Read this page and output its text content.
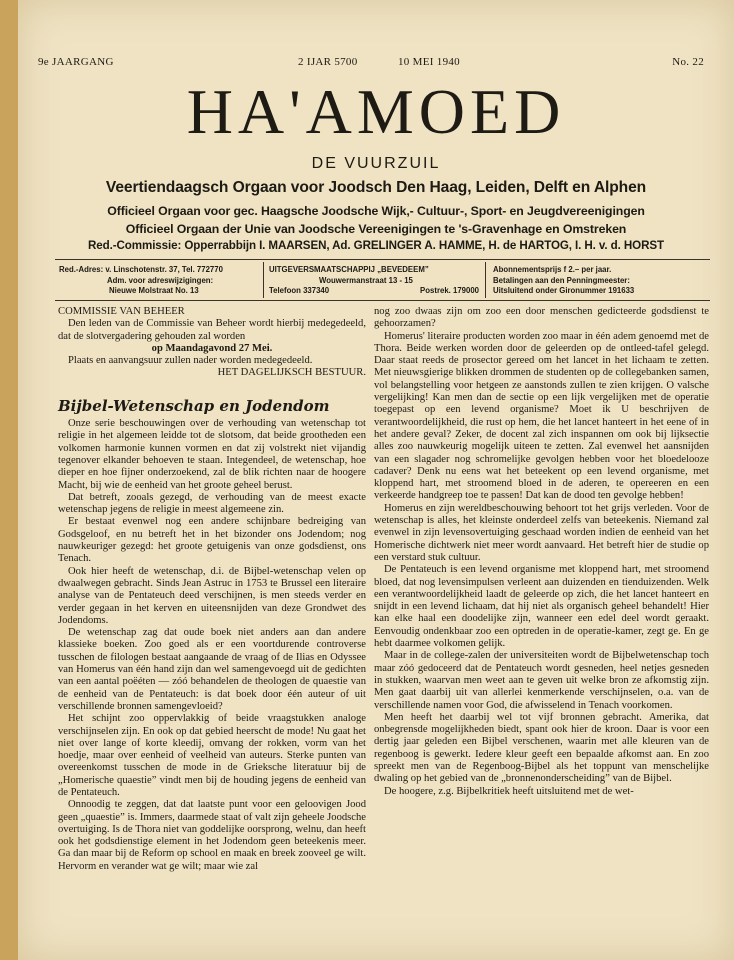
9e JAARGANG	2 IJAR 5700	10 MEI 1940	No. 22
HA'AMOED
DE VUURZUIL
Veertiendaagsch Orgaan voor Joodsch Den Haag, Leiden, Delft en Alphen
Officieel Orgaan voor gec. Haagsche Joodsche Wijk,- Cultuur-, Sport- en Jeugdvereenigingen
Officieel Orgaan der Unie van Joodsche Vereenigingen te 's-Gravenhage en Omstreken
Red.-Commissie: Opperrabbijn I. MAARSEN, Ad. GRELINGER A. HAMME, H. de HARTOG, I. H. v. d. HORST
Red.-Adres: v. Linschotenstr. 37, Tel. 772770
Adm. voor adreswijzigingen:
Nieuwe Molstraat No. 13
UITGEVERSMAATSCHAPPIJ „BEVEDEEM”
Wouwermanstraat 13 - 15
Telefoon 337340	Postrek. 179000
Abonnementsprijs f 2.– per jaar.
Betalingen aan den Penningmeester:
Uitsluitend onder Gironummer 191633

COMMISSIE VAN BEHEER

Den leden van de Commissie van Beheer wordt hierbij medegedeeld, dat de slotvergadering gehouden zal worden

op Maandagavond 27 Mei.

Plaats en aanvangsuur zullen nader worden medegedeeld.

HET DAGELIJKSCH BESTUUR.

Bijbel-Wetenschap en Jodendom

Onze serie beschouwingen over de verhouding van wetenschap tot religie in het algemeen leidde tot de slotsom, dat beide grootheden een volkomen harmonie kunnen vormen en dat zij volstrekt niet vijandig tegenover elkander behoeven te staan. Integendeel, de wetenschap, hoe dieper en hoe fijner onderzoekend, zal de blik richten naar de hoogere Macht, bij wie de eenheid van het groote geheel berust.

Dat betreft, zooals gezegd, de verhouding van de meest exacte wetenschap jegens de religie in meest algemeene zin.

Er bestaat evenwel nog een andere schijnbare bedreiging van Godsgeloof, en nu betreft het in het bizonder ons Jodendom; nog nauwkeuriger gezegd: het groote getuigenis van onze godsdienst, ons Tenach.

Ook hier heeft de wetenschap, d.i. de Bijbel-wetenschap velen op dwaalwegen gebracht. Sinds Jean Astruc in 1753 te Brussel een literaire analyse van de Pentateuch deed verschijnen, is men steeds verder en verder gegaan in het kerven en uiteensnijden van deze Grondwet des Jodendoms.

De wetenschap zag dat oude boek niet anders aan dan andere klassieke boeken. Zoo goed als er een voortdurende controverse tusschen de filologen bestaat aangaande de vraag of de Ilias en Odyssee van Homerus van één hand zijn dan wel samengevoegd uit de gedichten van een aantal poëéten — zóó behandelen de theologen de quaestie van de eenheid van de Pentateuch: is dat boek door één auteur of uit verschillende bronnen samengevloeid?

Het schijnt zoo oppervlakkig of beide vraagstukken analoge verschijnselen zijn. En ook op dat gebied heerscht de mode! Nu gaat het niet over lange of korte kleedij, omvang der rokken, vorm van het hoedje, maar over eenheid of veelheid van auteurs. Sterke punten van overeenkomst tusschen de mode in de Grieksche literatuur bij de „Homerische quaestie” vindt men bij de houding jegens de eenheid van de Pentateuch.

Onnoodig te zeggen, dat dat laatste punt voor een geloovigen Jood geen „quaestie” is. Immers, daarmede staat of valt zijn geheele Joodsche overtuiging. Is de Thora niet van goddelijke oorsprong, welnu, dan heeft ook het godsdienstige element in het Jodendom geen beteekenis meer. Ga dan maar bij de Reform op school en maak en breek zooveel ge wilt. Hervorm en verander wat ge wilt; maar wie zal

nog zoo dwaas zijn om zoo een door menschen gedicteerde godsdienst te gehoorzamen?

Homerus' literaire producten worden zoo maar in één adem genoemd met de Thora. Beide werken worden door de geleerden op de ontleed-tafel gelegd. Daar staat reeds de prosector gereed om het lancet in het lichaam te zetten. Met nieuwsgierige blikken drommen de studenten op de collegebanken samen, vol belangstelling voor hetgeen ze aanstonds zullen te zien krijgen. O valsche vergelijking! Kan men dan de sectie op een lijk vergelijken met de operatie toegepast op een levend organisme? Moet ik U beschrijven de verantwoordelijkheid, die rust op hem, die het lancet hanteert in het eene of in het andere geval? Zeker, de docent zal zich inspannen om ook bij lijksectie alles zoo nauwkeurig mogelijk uiteen te zetten. Zal evenwel het aansnijden van een slagader nog schromelijke gevolgen hebben voor het bloedelooze cadaver? Denk nu eens wat het beteekent op een levend organisme, met kloppend hart, met stroomend bloed in de aderen, te opereeren en een verkeerde handgreep toe te passen! Dat kan de dood ten gevolge hebben!

Homerus en zijn wereldbeschouwing behoort tot het grijs verleden. Voor de wetenschap is alles, het kleinste onderdeel zelfs van beteekenis. Niemand zal evenwel in zijn levensovertuiging geschaad worden indien de eenheid van het Homerische dichtwerk niet meer wordt aanvaard. Het betreft hier de studie op een verstard stuk cultuur.

De Pentateuch is een levend organisme met kloppend hart, met stroomend bloed, dat nog levensimpulsen verleent aan duizenden en tienduizenden. Welk een verantwoordelijkheid laadt de geleerde op zich, die het lancet hanteert en snijdt in een levend lichaam, dat hij niet als organisch geheel behandelt! Hier kan elke haal een doodelijke zijn, wanneer een edel deel wordt geraakt. Eenvoudig ondenkbaar zoo een optreden in de operatie-kamer, zegt ge. En ge hebt daarmee volkomen gelijk.

Maar in de college-zalen der universiteiten wordt de Bijbelwetenschap toch maar zóó gedoceerd dat de Pentateuch wordt gesneden, heel netjes gesneden in stukken, waarvan men weet aan te geven uit welke bron ze afkomstig zijn. Men gaat daarbij uit van allerlei kenmerkende verschijnselen, o.a. van de verschillende namen voor God, die afwisselend in Tenach voorkomen.

Men heeft het daarbij wel tot vijf bronnen gebracht. Amerika, dat onbegrensde mogelijkheden biedt, spant ook hier de kroon. Daar is voor een dertig jaar geleden een Bijbel verschenen, waarin met alle kleuren van de regenboog is gewerkt. Iedere kleur geeft een bepaalde afkomst aan. En zoo spreekt men van de Regenboog-Bijbel als het toppunt van menschelijke dwaling op het gebied van de „bronnenonderscheiding” van de Bijbel.

De hoogere, z.g. Bijbelkritiek heeft uitsluitend met de wet-
